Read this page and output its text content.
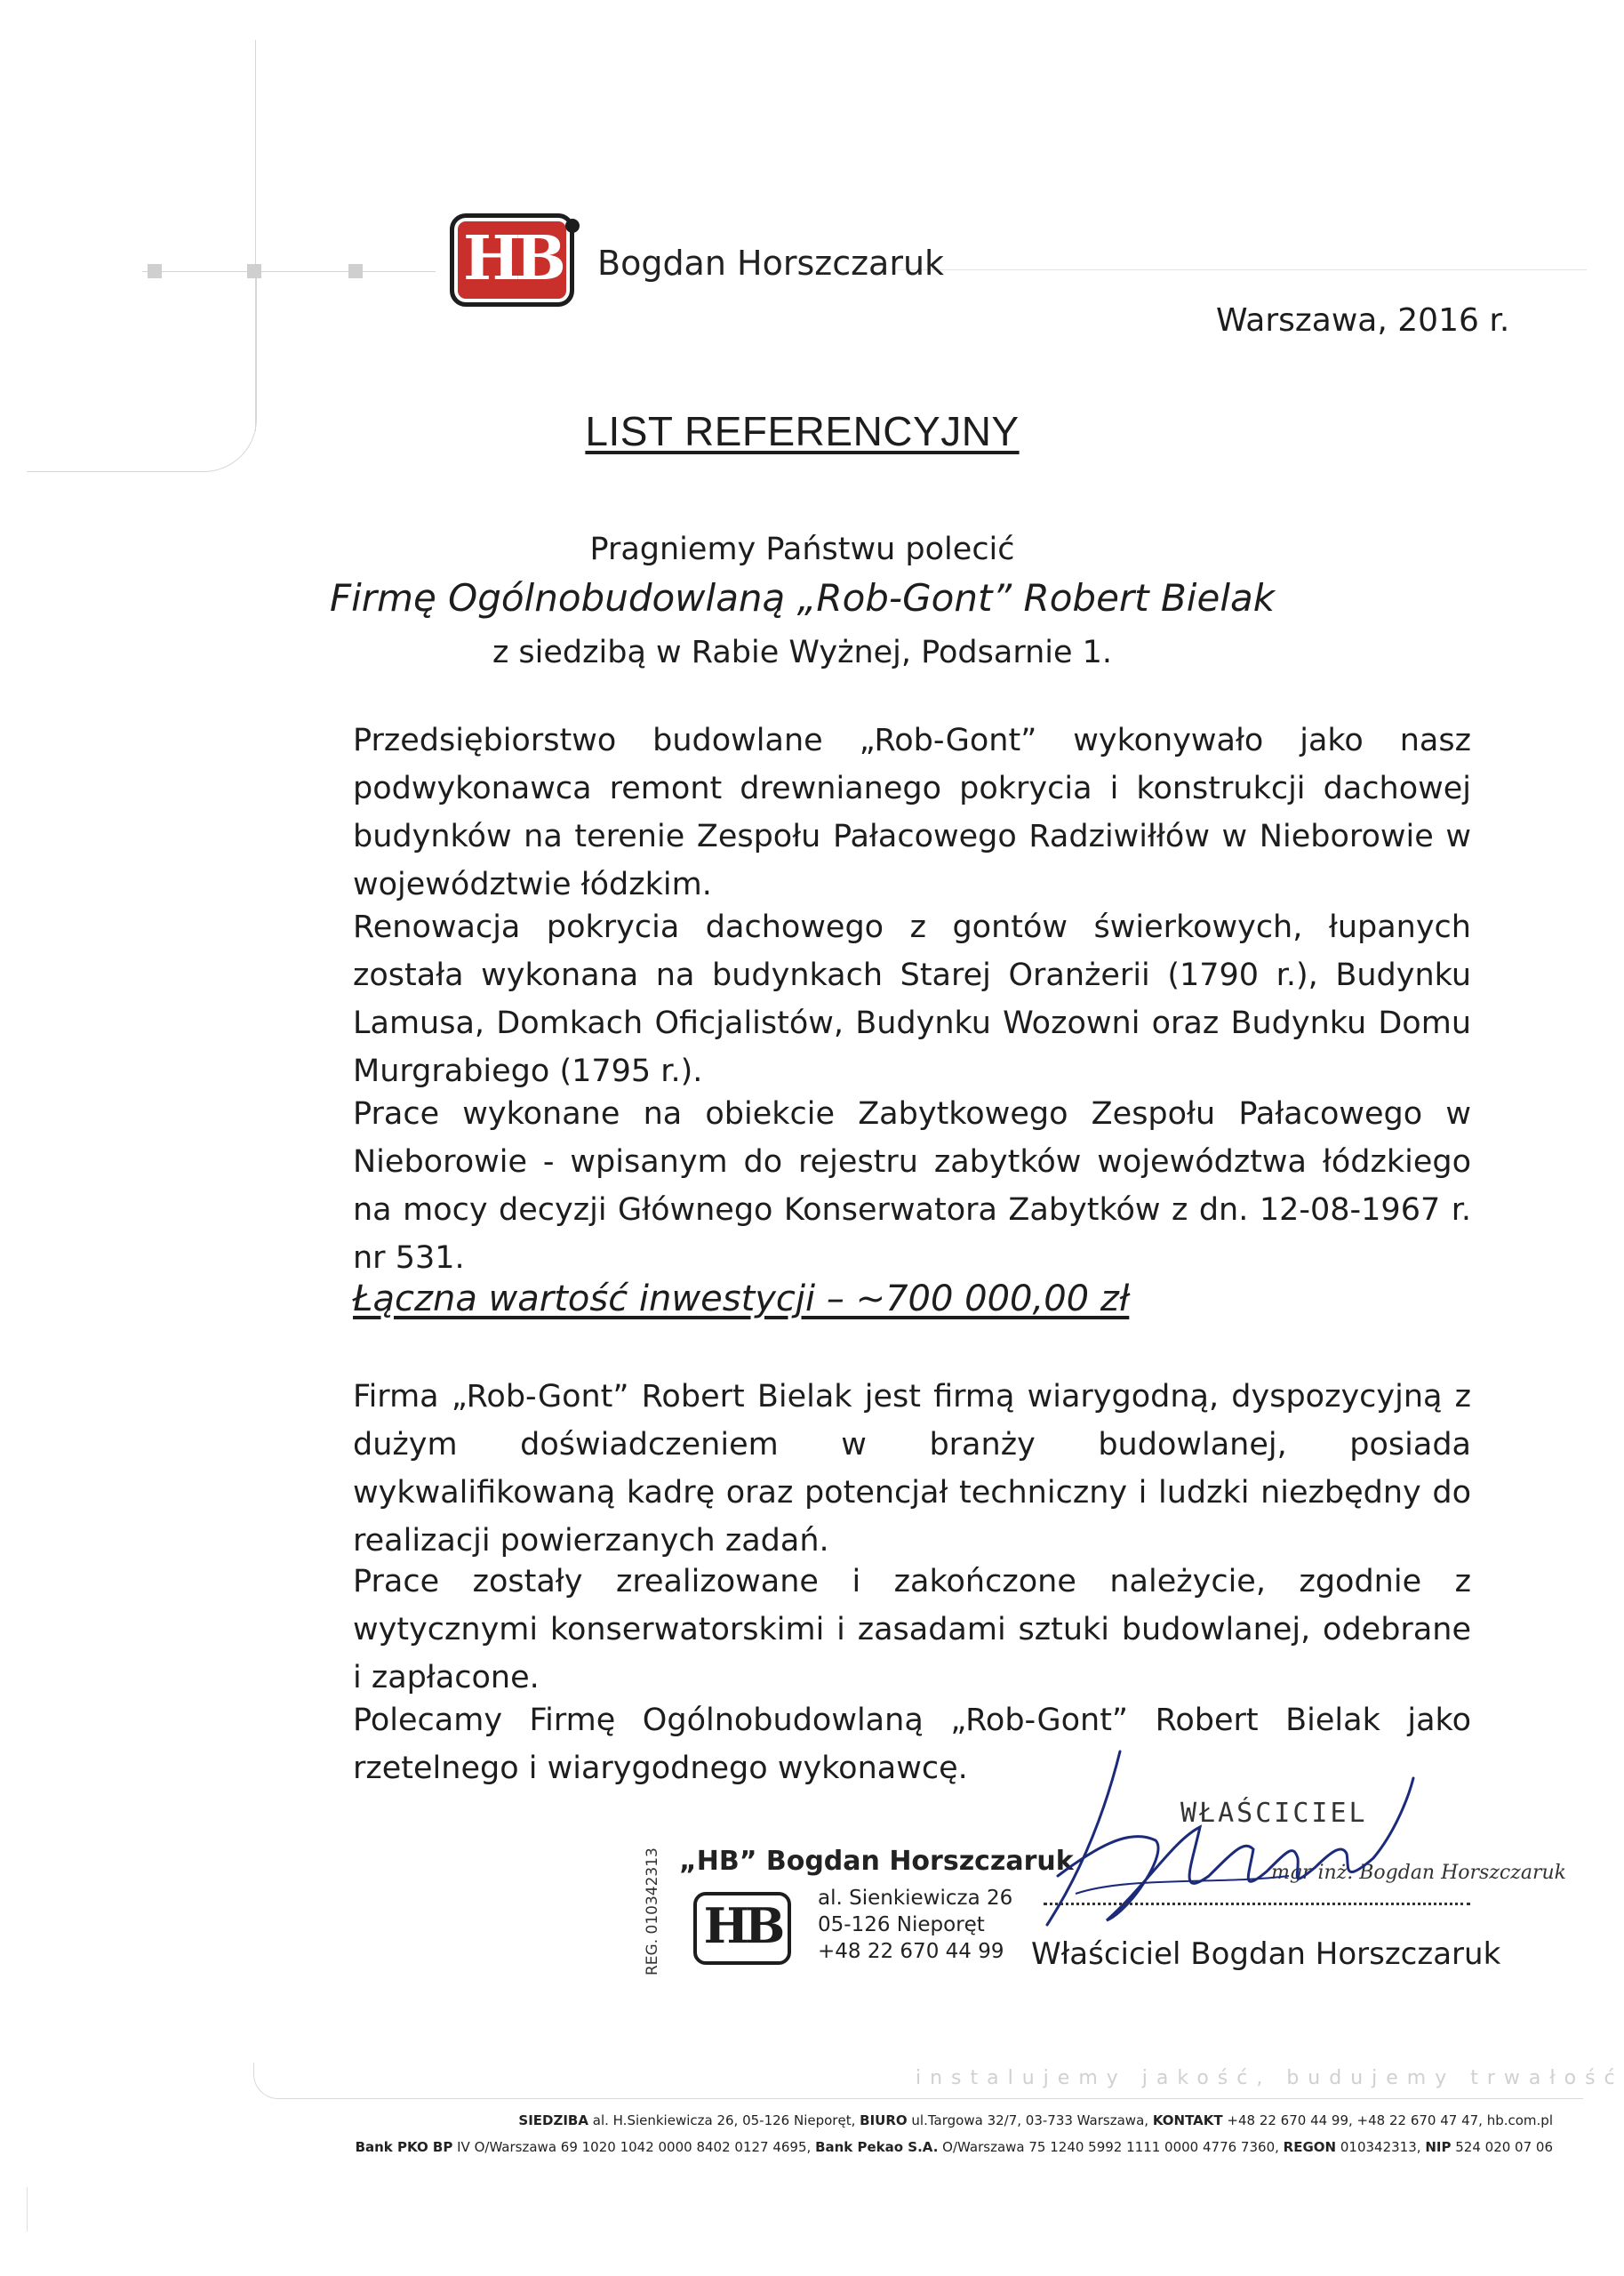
HB Bogdan Horszczaruk
Warszawa, 2016 r.
LIST REFERENCYJNY
Pragniemy Państwu polecić
Firmę Ogólnobudowlaną „Rob-Gont” Robert Bielak
z siedzibą w Rabie Wyżnej, Podsarnie 1.
Przedsiębiorstwo budowlane „Rob-Gont” wykonywało jako nasz podwykonawca remont drewnianego pokrycia i konstrukcji dachowej budynków na terenie Zespołu Pałacowego Radziwiłłów w Nieborowie w województwie łódzkim.
Renowacja pokrycia dachowego z gontów świerkowych, łupanych została wykonana na budynkach Starej Oranżerii (1790 r.), Budynku Lamusa, Domkach Oficjalistów, Budynku Wozowni oraz Budynku Domu Murgrabiego (1795 r.).
Prace wykonane na obiekcie Zabytkowego Zespołu Pałacowego w Nieborowie - wpisanym do rejestru zabytków województwa łódzkiego na mocy decyzji Głównego Konserwatora Zabytków z dn. 12-08-1967 r. nr 531.
Łączna wartość inwestycji – ~700 000,00 zł
Firma „Rob-Gont” Robert Bielak jest firmą wiarygodną, dyspozycyjną z dużym doświadczeniem w branży budowlanej, posiada wykwalifikowaną kadrę oraz potencjał techniczny i ludzki niezbędny do realizacji powierzanych zadań.
Prace zostały zrealizowane i zakończone należycie, zgodnie z wytycznymi konserwatorskimi i zasadami sztuki budowlanej, odebrane i zapłacone.
Polecamy Firmę Ogólnobudowlaną „Rob-Gont” Robert Bielak jako rzetelnego i wiarygodnego wykonawcę.
REG. 010342313 „HB” Bogdan Horszczaruk
HB	al. Sienkiewicza 26
05-126 Nieporęt
+48 22 670 44 99
WŁAŚCICIEL
mgr inż. Bogdan Horszczaruk
Właściciel Bogdan Horszczaruk
instalujemy jakość, budujemy trwałość
SIEDZIBA al. H.Sienkiewicza 26, 05-126 Nieporęt, BIURO ul.Targowa 32/7, 03-733 Warszawa, KONTAKT +48 22 670 44 99, +48 22 670 47 47, hb.com.pl
Bank PKO BP IV O/Warszawa 69 1020 1042 0000 8402 0127 4695, Bank Pekao S.A. O/Warszawa 75 1240 5992 1111 0000 4776 7360, REGON 010342313, NIP 524 020 07 06
